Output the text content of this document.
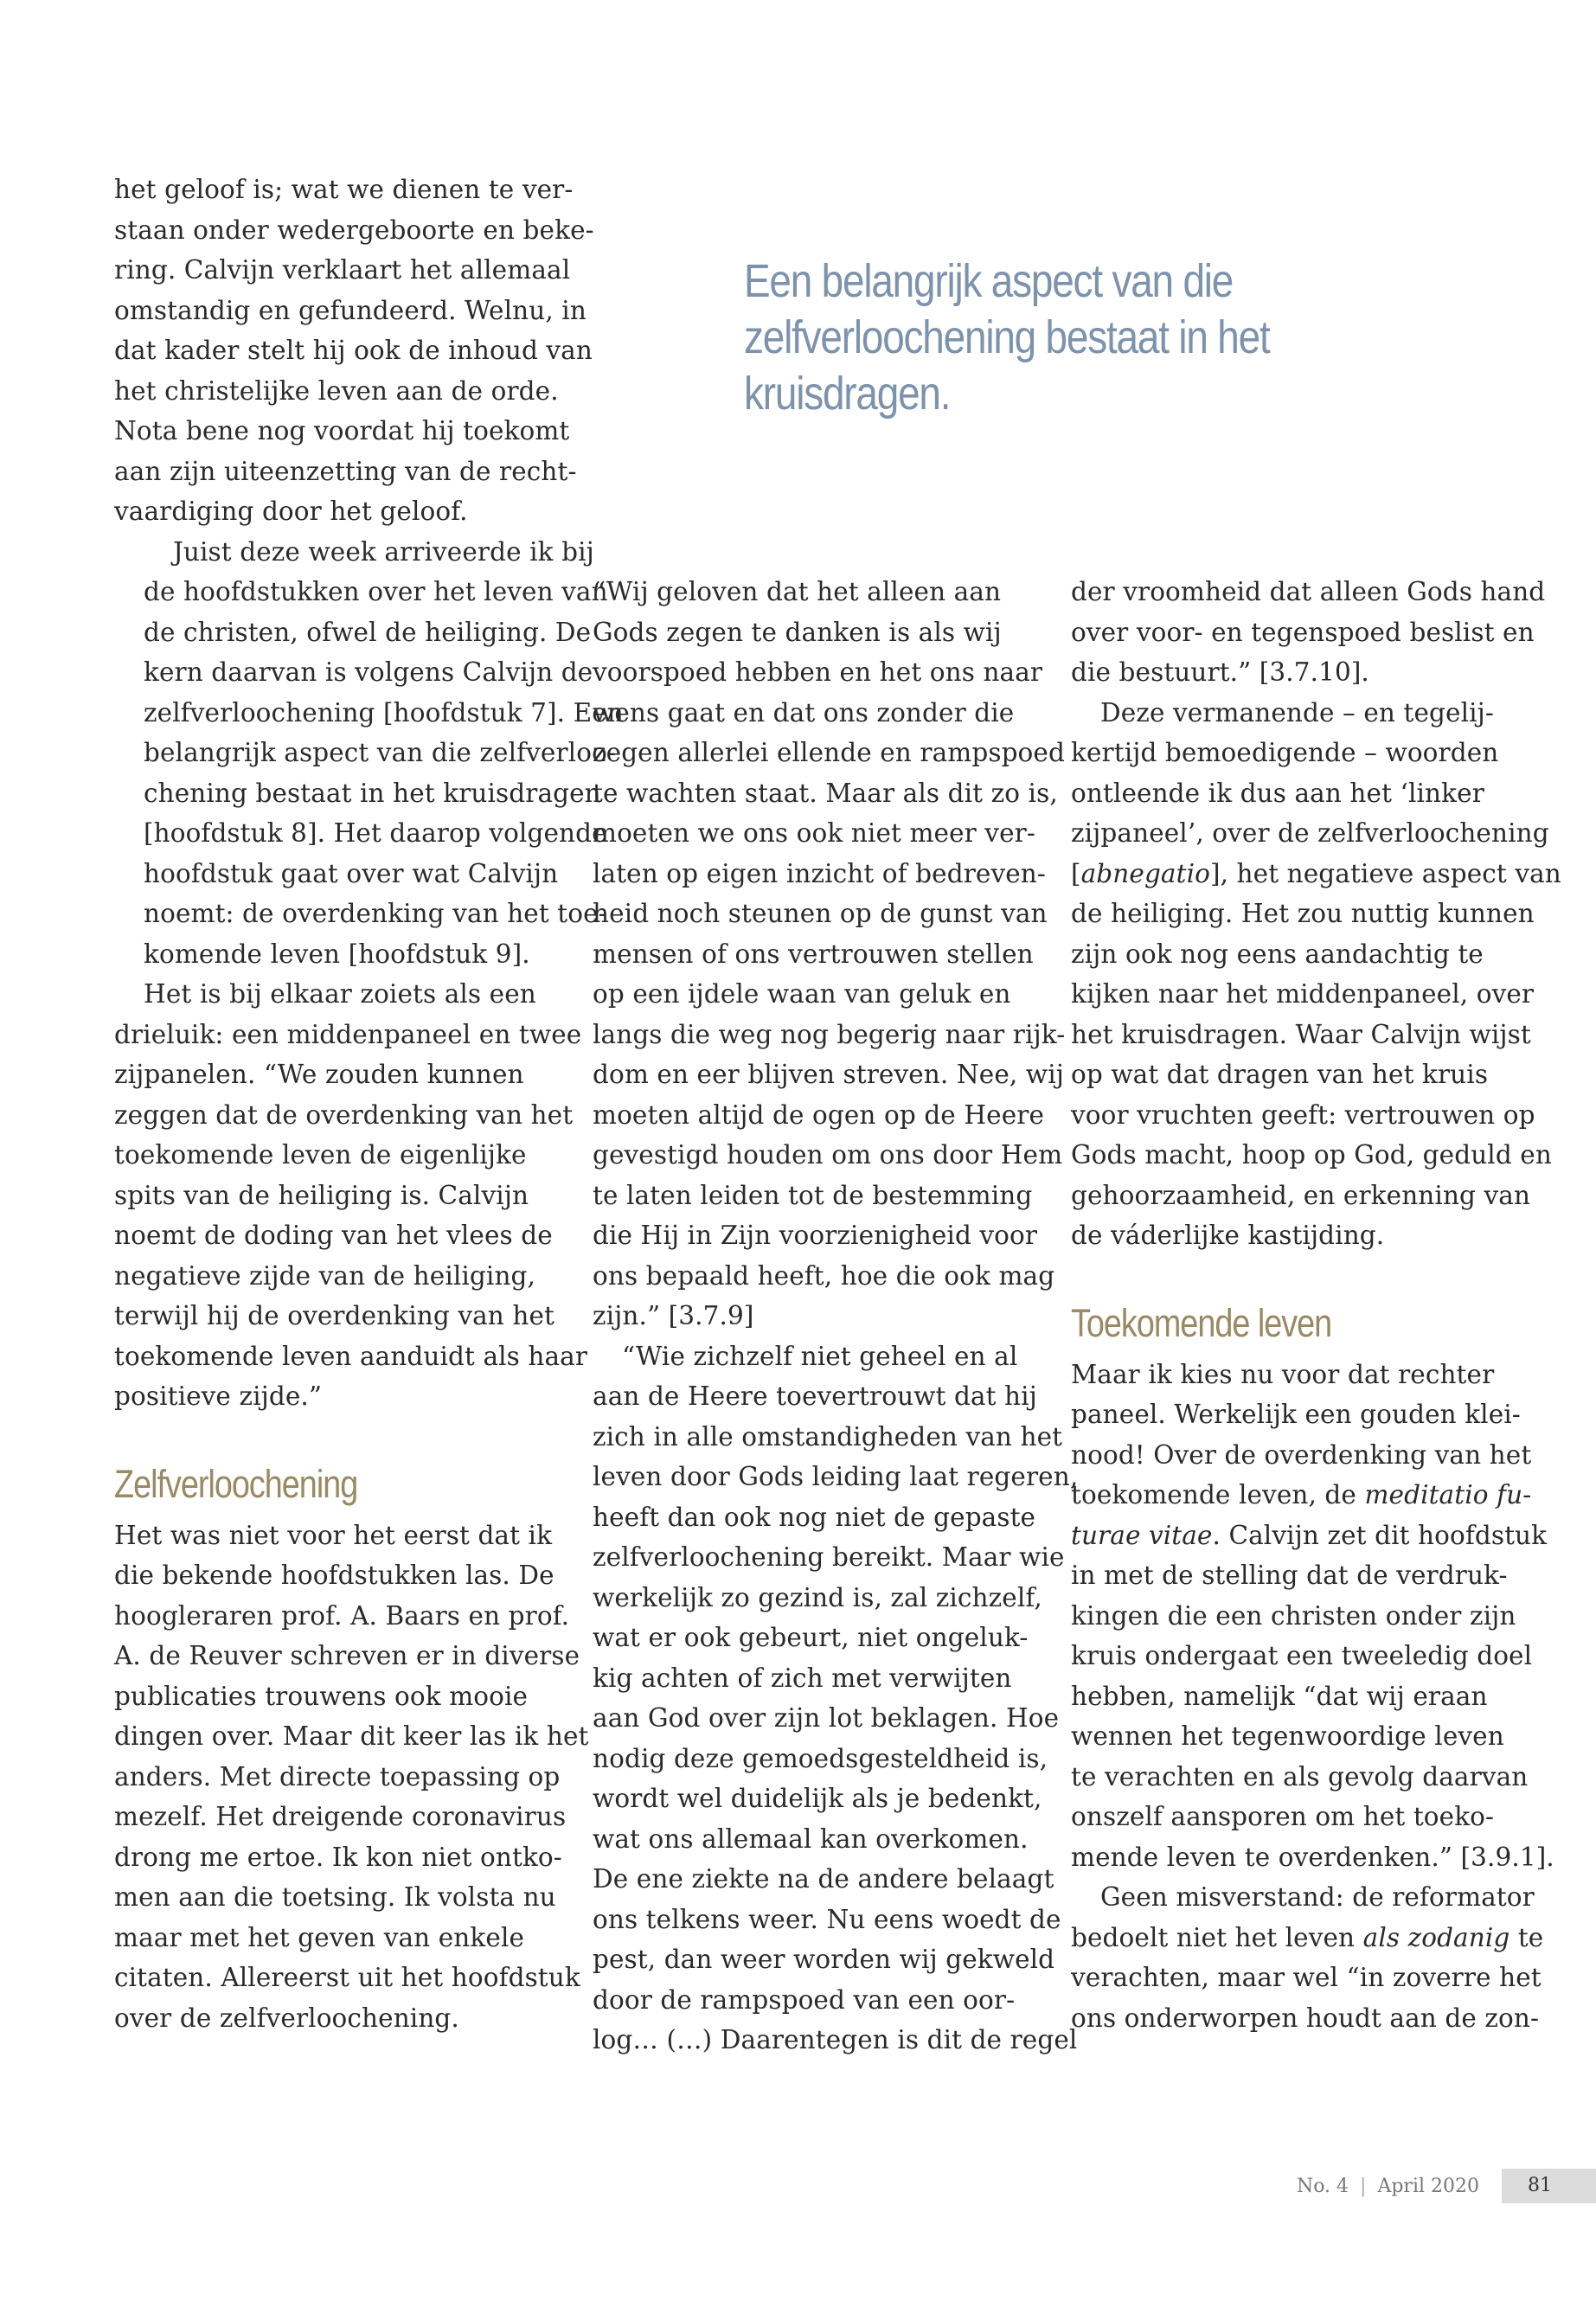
het geloof is; wat we dienen te ver-
staan onder wedergeboorte en beke-
ring. Calvijn verklaart het allemaal
omstandig en gefundeerd. Welnu, in
dat kader stelt hij ook de inhoud van
het christelijke leven aan de orde.
Nota bene nog voordat hij toekomt
aan zijn uiteenzetting van de recht-
vaardiging door het geloof.

Juist deze week arriveerde ik bij
de hoofdstukken over het leven van
de christen, ofwel de heiliging. De
kern daarvan is volgens Calvijn de
zelfverloochening [hoofdstuk 7]. Een
belangrijk aspect van die zelfverloo-
chening bestaat in het kruisdragen
[hoofdstuk 8]. Het daarop volgende
hoofdstuk gaat over wat Calvijn
noemt: de overdenking van het toe-
komende leven [hoofdstuk 9].

Het is bij elkaar zoiets als een
drieluik: een middenpaneel en twee
zijpanelen. “We zouden kunnen
zeggen dat de overdenking van het
toekomende leven de eigenlijke
spits van de heiliging is. Calvijn
noemt de doding van het vlees de
negatieve zijde van de heiliging,
terwijl hij de overdenking van het
toekomende leven aanduidt als haar
positieve zijde.”

Zelfverloochening

Het was niet voor het eerst dat ik
die bekende hoofdstukken las. De
hoogleraren prof. A. Baars en prof.
A. de Reuver schreven er in diverse
publicaties trouwens ook mooie
dingen over. Maar dit keer las ik het
anders. Met directe toepassing op
mezelf. Het dreigende coronavirus
drong me ertoe. Ik kon niet ontko-
men aan die toetsing. Ik volsta nu
maar met het geven van enkele
citaten. Allereerst uit het hoofdstuk
over de zelfverloochening.

Een belangrijk aspect van die
zelfverloochening bestaat in het
kruisdragen.

“Wij geloven dat het alleen aan
Gods zegen te danken is als wij
voorspoed hebben en het ons naar
wens gaat en dat ons zonder die
zegen allerlei ellende en rampspoed
te wachten staat. Maar als dit zo is,
moeten we ons ook niet meer ver-
laten op eigen inzicht of bedreven-
heid noch steunen op de gunst van
mensen of ons vertrouwen stellen
op een ijdele waan van geluk en
langs die weg nog begerig naar rijk-
dom en eer blijven streven. Nee, wij
moeten altijd de ogen op de Heere
gevestigd houden om ons door Hem
te laten leiden tot de bestemming
die Hij in Zijn voorzienigheid voor
ons bepaald heeft, hoe die ook mag
zijn.” [3.7.9]

“Wie zichzelf niet geheel en al
aan de Heere toevertrouwt dat hij
zich in alle omstandigheden van het
leven door Gods leiding laat regeren,
heeft dan ook nog niet de gepaste
zelfverloochening bereikt. Maar wie
werkelijk zo gezind is, zal zichzelf,
wat er ook gebeurt, niet ongeluk-
kig achten of zich met verwijten
aan God over zijn lot beklagen. Hoe
nodig deze gemoedsgesteldheid is,
wordt wel duidelijk als je bedenkt,
wat ons allemaal kan overkomen.
De ene ziekte na de andere belaagt
ons telkens weer. Nu eens woedt de
pest, dan weer worden wij gekweld
door de rampspoed van een oor-
log… (…) Daarentegen is dit de regel

der vroomheid dat alleen Gods hand
over voor- en tegenspoed beslist en
die bestuurt.” [3.7.10].

Deze vermanende – en tegelij-
kertijd bemoedigende – woorden
ontleende ik dus aan het ‘linker
zijpaneel’, over de zelfverloochening
[abnegatio], het negatieve aspect van
de heiliging. Het zou nuttig kunnen
zijn ook nog eens aandachtig te
kijken naar het middenpaneel, over
het kruisdragen. Waar Calvijn wijst
op wat dat dragen van het kruis
voor vruchten geeft: vertrouwen op
Gods macht, hoop op God, geduld en
gehoorzaamheid, en erkenning van
de váderlijke kastijding.

Toekomende leven

Maar ik kies nu voor dat rechter
paneel. Werkelijk een gouden klei-
nood! Over de overdenking van het
toekomende leven, de meditatio fu-
turae vitae. Calvijn zet dit hoofdstuk
in met de stelling dat de verdruk-
kingen die een christen onder zijn
kruis ondergaat een tweeledig doel
hebben, namelijk “dat wij eraan
wennen het tegenwoordige leven
te verachten en als gevolg daarvan
onszelf aansporen om het toeko-
mende leven te overdenken.” [3.9.1].

Geen misverstand: de reformator
bedoelt niet het leven als zodanig te
verachten, maar wel “in zoverre het
ons onderworpen houdt aan de zon-

No. 4 | April 2020	81
